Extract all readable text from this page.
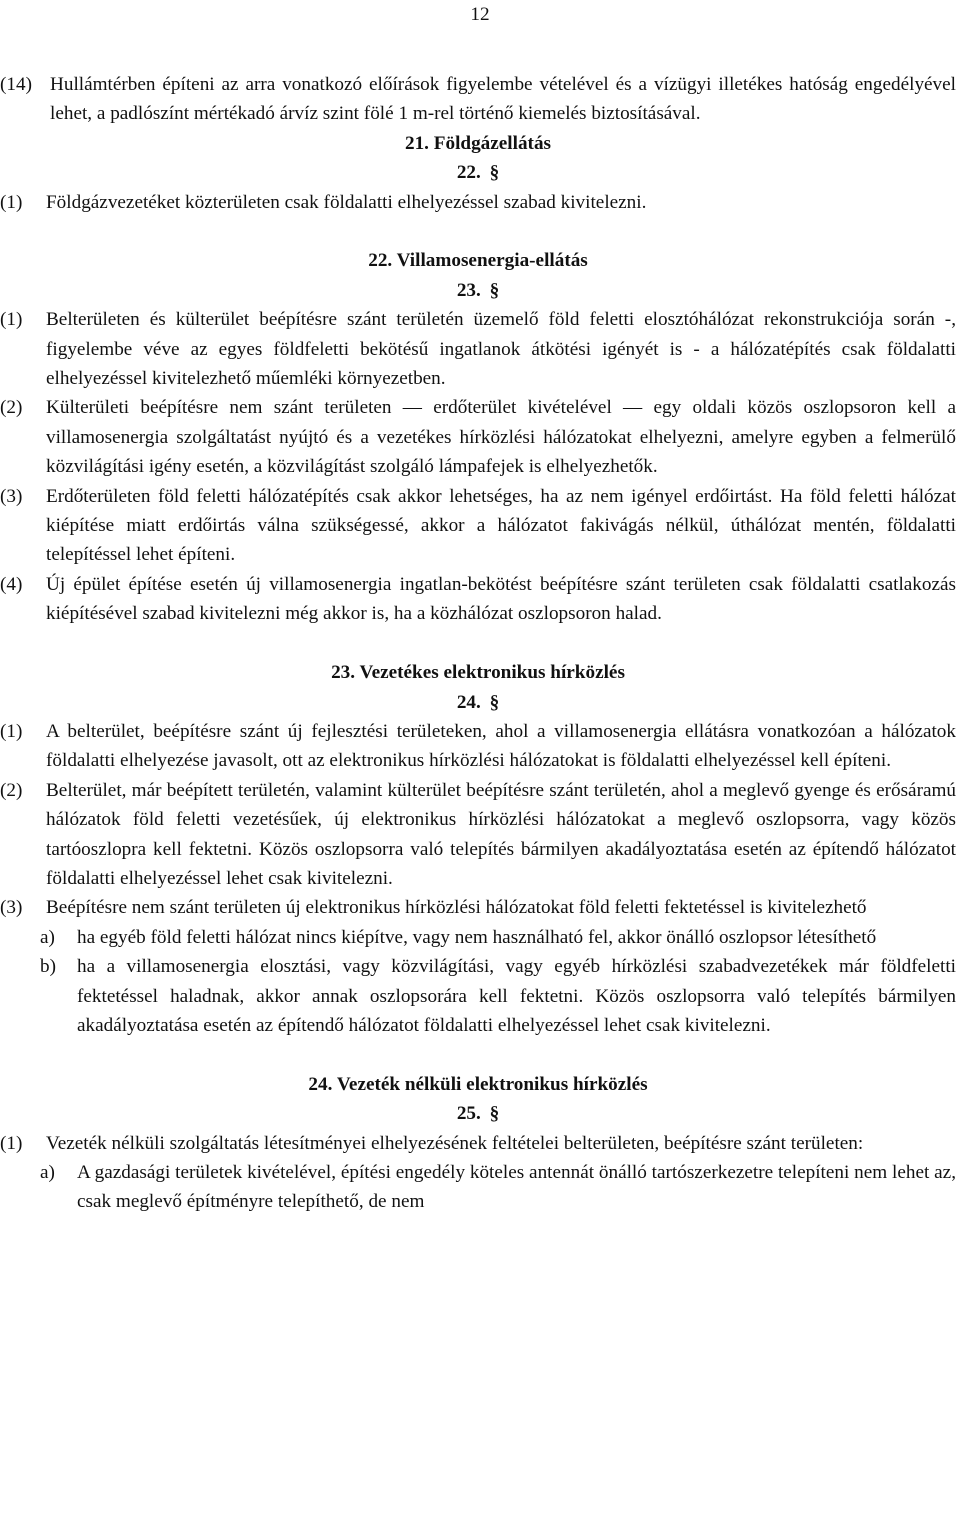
12
(14) Hullámtérben építeni az arra vonatkozó előírások figyelembe vételével és a vízügyi illetékes hatóság engedélyével lehet, a padlószínt mértékadó árvíz szint fölé 1 m-rel történő kiemelés biztosításával.
21. Földgázellátás
22. §
(1) Földgázvezetéket közterületen csak földalatti elhelyezéssel szabad kivitelezni.
22. Villamosenergia-ellátás
23. §
(1) Belterületen és külterület beépítésre szánt területén üzemelő föld feletti elosztóhálózat rekonstrukciója során -, figyelembe véve az egyes földfeletti bekötésű ingatlanok átkötési igényét is - a hálózatépítés csak földalatti elhelyezéssel kivitelezhető műemléki környezetben.
(2) Külterületi beépítésre nem szánt területen — erdőterület kivételével — egy oldali közös oszlopsoron kell a villamosenergia szolgáltatást nyújtó és a vezetékes hírközlési hálózatokat elhelyezni, amelyre egyben a felmerülő közvilágítási igény esetén, a közvilágítást szolgáló lámpafejek is elhelyezhetők.
(3) Erdőterületen föld feletti hálózatépítés csak akkor lehetséges, ha az nem igényel erdőirtást. Ha föld feletti hálózat kiépítése miatt erdőirtás válna szükségessé, akkor a hálózatot fakivágás nélkül, úthálózat mentén, földalatti telepítéssel lehet építeni.
(4) Új épület építése esetén új villamosenergia ingatlan-bekötést beépítésre szánt területen csak földalatti csatlakozás kiépítésével szabad kivitelezni még akkor is, ha a közhálózat oszlopsoron halad.
23. Vezetékes elektronikus hírközlés
24. §
(1) A belterület, beépítésre szánt új fejlesztési területeken, ahol a villamosenergia ellátásra vonatkozóan a hálózatok földalatti elhelyezése javasolt, ott az elektronikus hírközlési hálózatokat is földalatti elhelyezéssel kell építeni.
(2) Belterület, már beépített területén, valamint külterület beépítésre szánt területén, ahol a meglevő gyenge és erősáramú hálózatok föld feletti vezetésűek, új elektronikus hírközlési hálózatokat a meglevő oszlopsorra, vagy közös tartóoszlopra kell fektetni. Közös oszlopsorra való telepítés bármilyen akadályoztatása esetén az építendő hálózatot földalatti elhelyezéssel lehet csak kivitelezni.
(3) Beépítésre nem szánt területen új elektronikus hírközlési hálózatokat föld feletti fektetéssel is kivitelezhető
a) ha egyéb föld feletti hálózat nincs kiépítve, vagy nem használható fel, akkor önálló oszlopsor létesíthető
b) ha a villamosenergia elosztási, vagy közvilágítási, vagy egyéb hírközlési szabadvezetékek már földfeletti fektetéssel haladnak, akkor annak oszlopsorára kell fektetni. Közös oszlopsorra való telepítés bármilyen akadályoztatása esetén az építendő hálózatot földalatti elhelyezéssel lehet csak kivitelezni.
24. Vezeték nélküli elektronikus hírközlés
25. §
(1) Vezeték nélküli szolgáltatás létesítményei elhelyezésének feltételei belterületen, beépítésre szánt területen:
a) A gazdasági területek kivételével, építési engedély köteles antennát önálló tartószerkezetre telepíteni nem lehet az, csak meglevő építményre telepíthető, de nem
